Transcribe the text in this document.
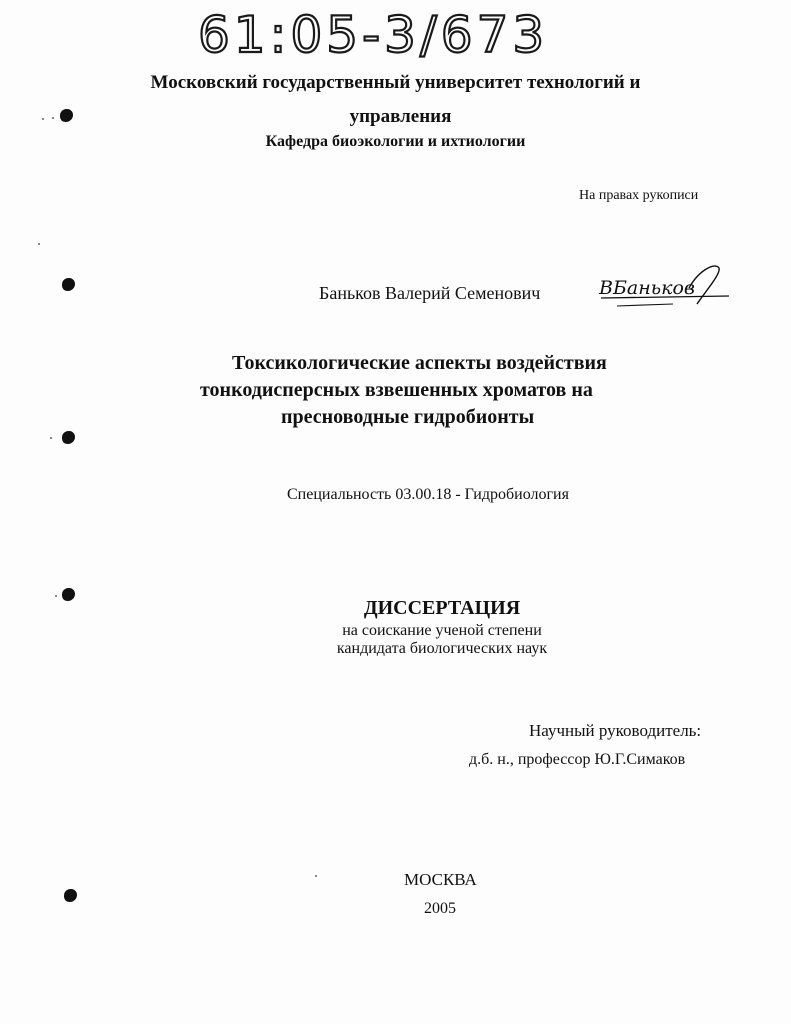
61:05-3/673
Московский государственный университет технологий и
управления
Кафедра биоэкологии и ихтиологии
На правах рукописи
Баньков Валерий Семенович	ВБаньков
Токсикологические аспекты воздействия
тонкодисперсных взвешенных хроматов на
пресноводные гидробионты
Специальность 03.00.18 - Гидробиология
ДИССЕРТАЦИЯ
на соискание ученой степени
кандидата биологических наук
Научный руководитель:
д.б. н., профессор Ю.Г.Симаков
МОСКВА
2005
